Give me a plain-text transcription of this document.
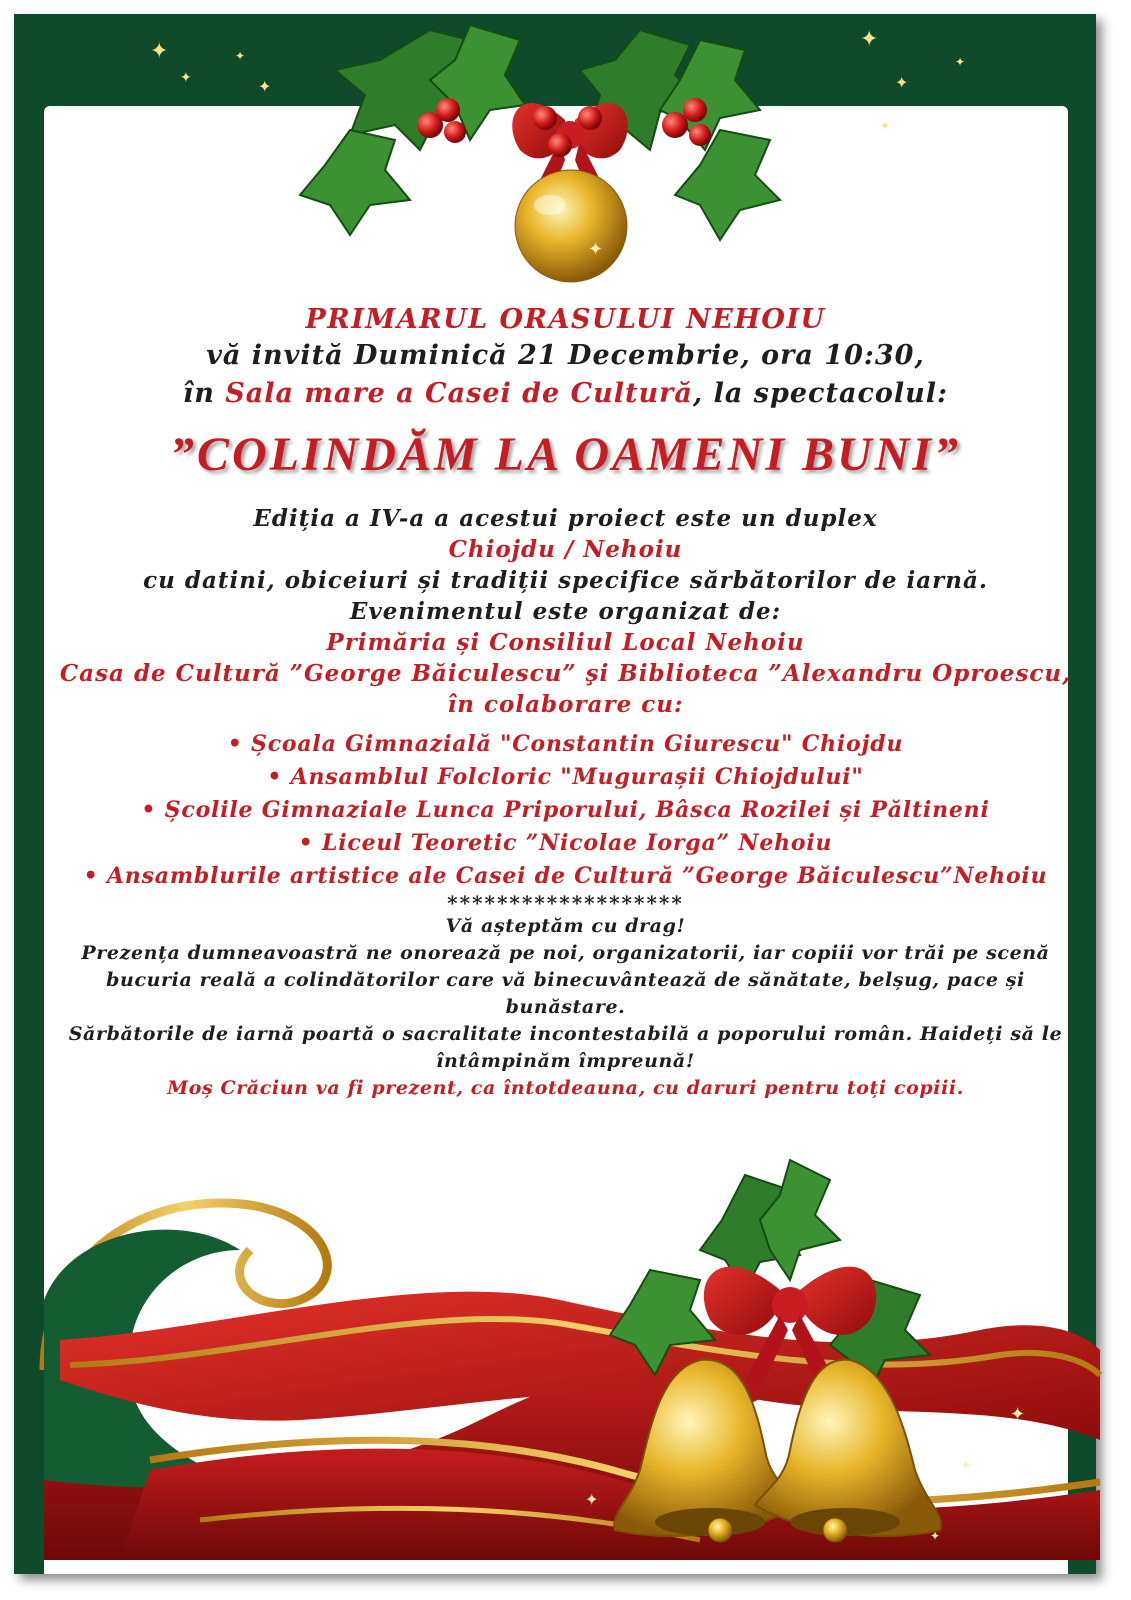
✦
✦
✦
✦
✦
✦
✦
✦
✦
✦
✦
✦
✦
PRIMARUL ORASULUI NEHOIU
vă invită Duminică 21 Decembrie, ora 10:30,
în Sala mare a Casei de Cultură, la spectacolul:
”COLINDĂM LA OAMENI BUNI”
Ediția a IV-a a acestui proiect este un duplex
Chiojdu / Nehoiu
cu datini, obiceiuri și tradiții specifice sărbătorilor de iarnă.
Evenimentul este organizat de:
Primăria și Consiliul Local Nehoiu
Casa de Cultură ”George Băiculescu” şi Biblioteca ”Alexandru Oproescu,
în colaborare cu:
• Școala Gimnazială "Constantin Giurescu" Chiojdu
• Ansamblul Folcloric "Mugurașii Chiojdului"
• Școlile Gimnaziale Lunca Priporului, Bâsca Rozilei și Păltineni
• Liceul Teoretic ”Nicolae Iorga” Nehoiu
• Ansamblurile artistice ale Casei de Cultură ”George Băiculescu”Nehoiu
*******************
Vă așteptăm cu drag!
Prezența dumneavoastră ne onorează pe noi, organizatorii, iar copiii vor trăi pe scenă
bucuria reală a colindătorilor care vă binecuvântează de sănătate, belșug, pace și
bunăstare.
Sărbătorile de iarnă poartă o sacralitate incontestabilă a poporului român. Haideți să le
întâmpinăm împreună!
Moș Crăciun va fi prezent, ca întotdeauna, cu daruri pentru toți copiii.
